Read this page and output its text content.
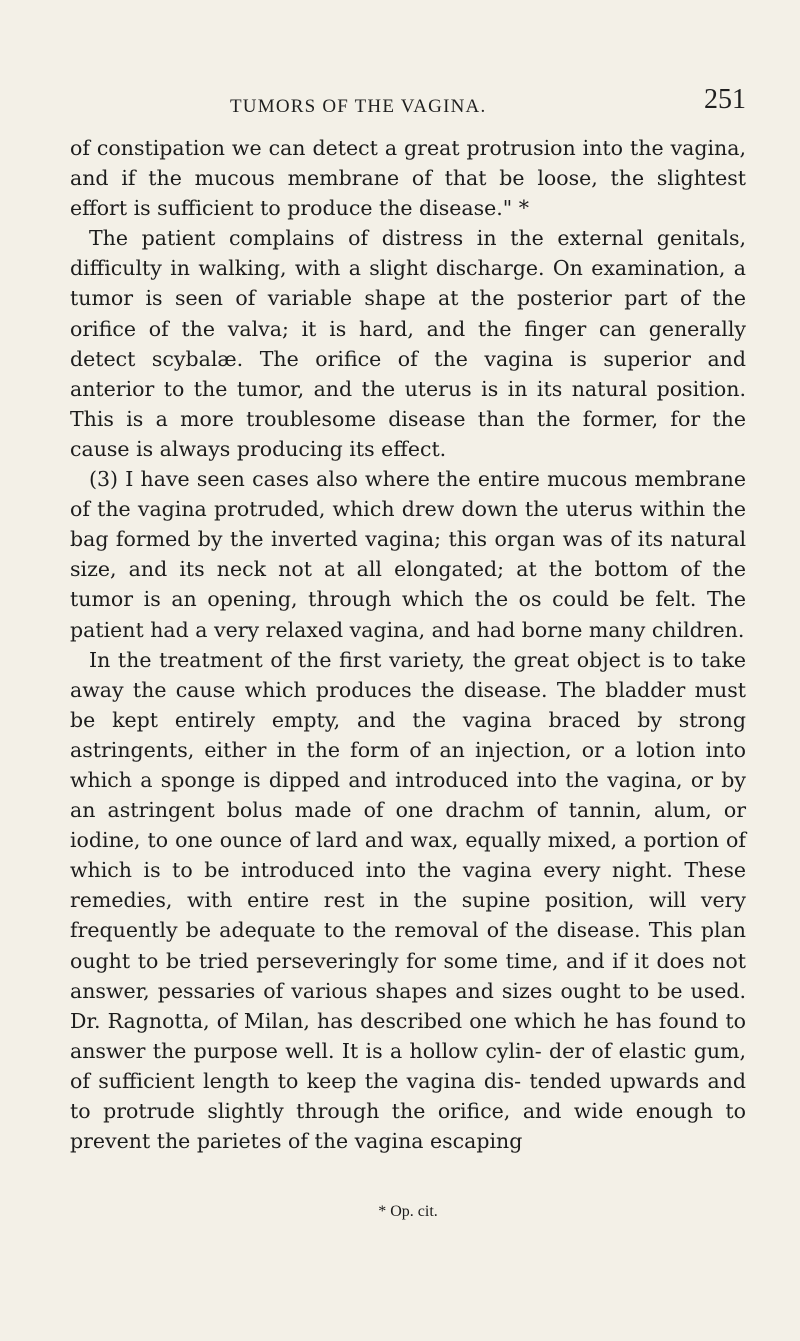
TUMORS OF THE VAGINA.	251

of constipation we can detect a great protrusion into the vagina, and if the mucous membrane of that be loose, the slightest effort is sufficient to produce the disease." *

The patient complains of distress in the external genitals, difficulty in walking, with a slight discharge. On examination, a tumor is seen of variable shape at the posterior part of the orifice of the valva; it is hard, and the finger can generally detect scybalæ. The orifice of the vagina is superior and anterior to the tumor, and the uterus is in its natural position. This is a more troublesome disease than the former, for the cause is always producing its effect.

(3) I have seen cases also where the entire mucous membrane of the vagina protruded, which drew down the uterus within the bag formed by the inverted vagina; this organ was of its natural size, and its neck not at all elongated; at the bottom of the tumor is an opening, through which the os could be felt. The patient had a very relaxed vagina, and had borne many children.

In the treatment of the first variety, the great object is to take away the cause which produces the disease. The bladder must be kept entirely empty, and the vagina braced by strong astringents, either in the form of an injection, or a lotion into which a sponge is dipped and introduced into the vagina, or by an astringent bolus made of one drachm of tannin, alum, or iodine, to one ounce of lard and wax, equally mixed, a portion of which is to be introduced into the vagina every night. These remedies, with entire rest in the supine position, will very frequently be adequate to the removal of the disease. This plan ought to be tried perseveringly for some time, and if it does not answer, pessaries of various shapes and sizes ought to be used. Dr. Ragnotta, of Milan, has described one which he has found to answer the purpose well. It is a hollow cylin- der of elastic gum, of sufficient length to keep the vagina dis- tended upwards and to protrude slightly through the orifice, and wide enough to prevent the parietes of the vagina escaping

* Op. cit.
